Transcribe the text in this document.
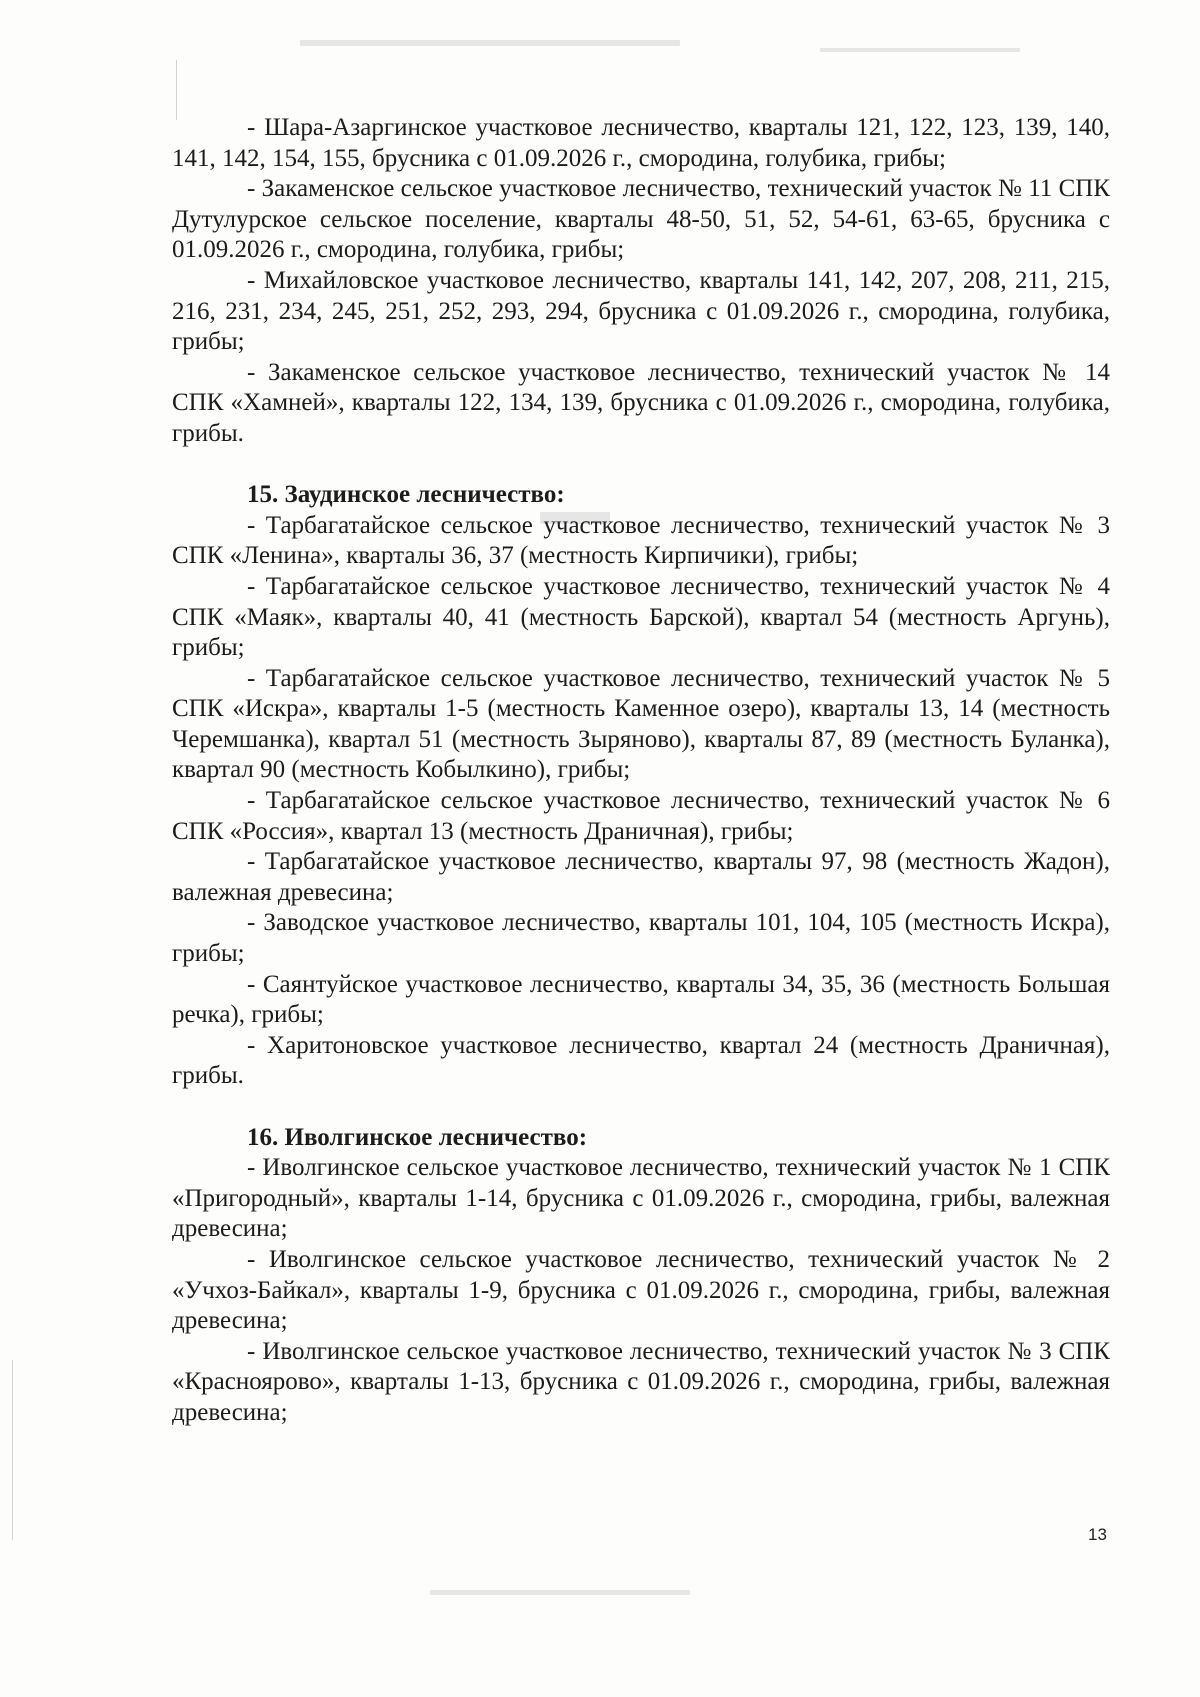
- Шара-Азаргинское участковое лесничество, кварталы 121, 122, 123, 139, 140, 141, 142, 154, 155, брусника с 01.09.2026 г., смородина, голубика, грибы;

- Закаменское сельское участковое лесничество, технический участок № 11 СПК Дутулурское сельское поселение, кварталы 48-50, 51, 52, 54-61, 63-65, брусника с 01.09.2026 г., смородина, голубика, грибы;

- Михайловское участковое лесничество, кварталы 141, 142, 207, 208, 211, 215, 216, 231, 234, 245, 251, 252, 293, 294, брусника с 01.09.2026 г., смородина, голубика, грибы;

- Закаменское сельское участковое лесничество, технический участок № 14 СПК «Хамней», кварталы 122, 134, 139, брусника с 01.09.2026 г., смородина, голубика, грибы.

15. Заудинское лесничество:

- Тарбагатайское сельское участковое лесничество, технический участок № 3 СПК «Ленина», кварталы 36, 37 (местность Кирпичики), грибы;

- Тарбагатайское сельское участковое лесничество, технический участок № 4 СПК «Маяк», кварталы 40, 41 (местность Барской), квартал 54 (местность Аргунь), грибы;

- Тарбагатайское сельское участковое лесничество, технический участок № 5 СПК «Искра», кварталы 1-5 (местность Каменное озеро), кварталы 13, 14 (местность Черемшанка), квартал 51 (местность Зыряново), кварталы 87, 89 (местность Буланка), квартал 90 (местность Кобылкино), грибы;

- Тарбагатайское сельское участковое лесничество, технический участок № 6 СПК «Россия», квартал 13 (местность Драничная), грибы;

- Тарбагатайское участковое лесничество, кварталы 97, 98 (местность Жадон), валежная древесина;

- Заводское участковое лесничество, кварталы 101, 104, 105 (местность Искра), грибы;

- Саянтуйское участковое лесничество, кварталы 34, 35, 36 (местность Большая речка), грибы;

- Харитоновское участковое лесничество, квартал 24 (местность Драничная), грибы.

16. Иволгинское лесничество:

- Иволгинское сельское участковое лесничество, технический участок № 1 СПК «Пригородный», кварталы 1-14, брусника с 01.09.2026 г., смородина, грибы, валежная древесина;

- Иволгинское сельское участковое лесничество, технический участок № 2 «Учхоз-Байкал», кварталы 1-9, брусника с 01.09.2026 г., смородина, грибы, валежная древесина;

- Иволгинское сельское участковое лесничество, технический участок № 3 СПК «Красноярово», кварталы 1-13, брусника с 01.09.2026 г., смородина, грибы, валежная древесина;

13
